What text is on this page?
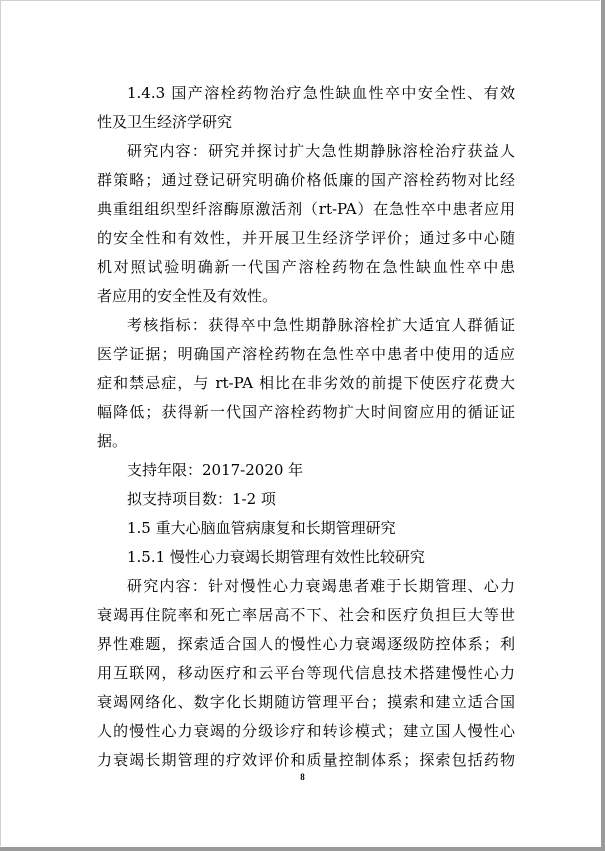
1.4.3 国产溶栓药物治疗急性缺血性卒中安全性、有效
性及卫生经济学研究
研究内容：研究并探讨扩大急性期静脉溶栓治疗获益人
群策略；通过登记研究明确价格低廉的国产溶栓药物对比经
典重组组织型纤溶酶原激活剂（rt-PA）在急性卒中患者应用
的安全性和有效性，并开展卫生经济学评价；通过多中心随
机对照试验明确新一代国产溶栓药物在急性缺血性卒中患
者应用的安全性及有效性。
考核指标：获得卒中急性期静脉溶栓扩大适宜人群循证
医学证据；明确国产溶栓药物在急性卒中患者中使用的适应
症和禁忌症，与 rt-PA 相比在非劣效的前提下使医疗花费大
幅降低；获得新一代国产溶栓药物扩大时间窗应用的循证证
据。
支持年限：2017-2020 年
拟支持项目数：1-2 项
1.5 重大心脑血管病康复和长期管理研究
1.5.1 慢性心力衰竭长期管理有效性比较研究
研究内容：针对慢性心力衰竭患者难于长期管理、心力
衰竭再住院率和死亡率居高不下、社会和医疗负担巨大等世
界性难题，探索适合国人的慢性心力衰竭逐级防控体系；利
用互联网，移动医疗和云平台等现代信息技术搭建慢性心力
衰竭网络化、数字化长期随访管理平台；摸索和建立适合国
人的慢性心力衰竭的分级诊疗和转诊模式；建立国人慢性心
力衰竭长期管理的疗效评价和质量控制体系；探索包括药物
8
